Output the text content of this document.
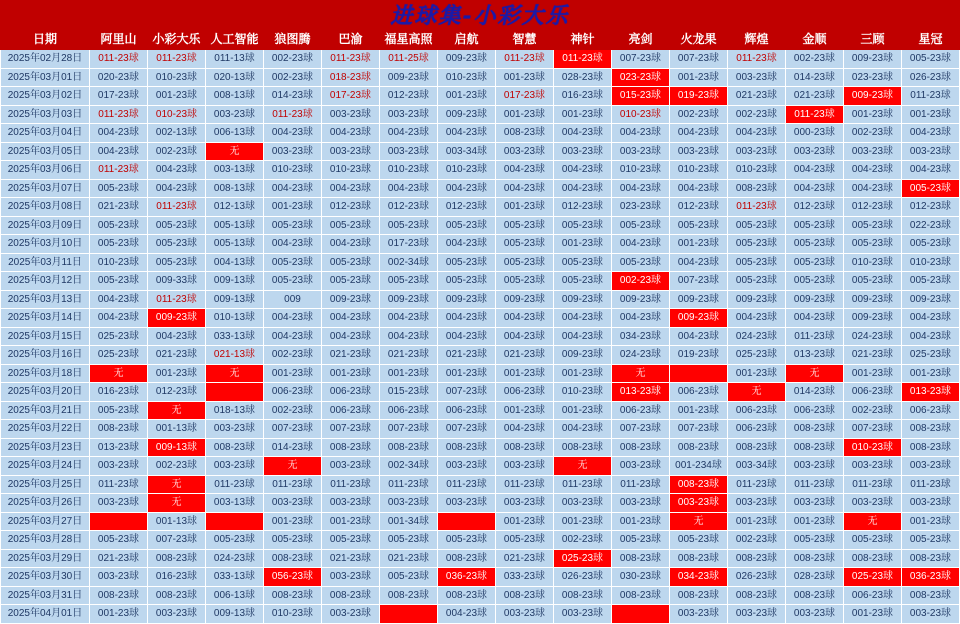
进球集-小彩大乐
日期	阿里山	小彩大乐	人工智能	狼图腾	巴渝	福星高照	启航	智慧	神针	亮剑	火龙果	辉煌	金顺	三顾	星冠
2025年02月28日	011-23球	011-23球	011-13球	002-23球	011-23球	011-25球	009-23球	011-23球	011-23球	007-23球	007-23球	011-23球	002-23球	009-23球	005-23球
2025年03月01日	020-23球	010-23球	020-13球	002-23球	018-23球	009-23球	010-23球	001-23球	028-23球	023-23球	001-23球	003-23球	014-23球	023-23球	026-23球
2025年03月02日	017-23球	001-23球	008-13球	014-23球	017-23球	012-23球	001-23球	017-23球	016-23球	015-23球	019-23球	021-23球	021-23球	009-23球	011-23球
2025年03月03日	011-23球	010-23球	003-23球	011-23球	003-23球	003-23球	009-23球	001-23球	001-23球	010-23球	002-23球	002-23球	011-23球	001-23球	001-23球
2025年03月04日	004-23球	002-13球	006-13球	004-23球	004-23球	004-23球	004-23球	008-23球	004-23球	004-23球	004-23球	004-23球	000-23球	002-23球	004-23球
2025年03月05日	004-23球	002-23球	无	003-23球	003-23球	003-23球	003-34球	003-23球	003-23球	003-23球	003-23球	003-23球	003-23球	003-23球	003-23球
2025年03月06日	011-23球	004-23球	003-13球	010-23球	010-23球	010-23球	010-23球	004-23球	004-23球	010-23球	010-23球	010-23球	004-23球	004-23球	004-23球
2025年03月07日	005-23球	004-23球	008-13球	004-23球	004-23球	004-23球	004-23球	004-23球	004-23球	004-23球	004-23球	008-23球	004-23球	004-23球	005-23球
2025年03月08日	021-23球	011-23球	012-13球	001-23球	012-23球	012-23球	012-23球	001-23球	012-23球	023-23球	012-23球	011-23球	012-23球	012-23球	012-23球
2025年03月09日	005-23球	005-23球	005-13球	005-23球	005-23球	005-23球	005-23球	005-23球	005-23球	005-23球	005-23球	005-23球	005-23球	005-23球	022-23球
2025年03月10日	005-23球	005-23球	005-13球	004-23球	004-23球	017-23球	004-23球	005-23球	001-23球	004-23球	001-23球	005-23球	005-23球	005-23球	005-23球
2025年03月11日	010-23球	005-23球	004-13球	005-23球	005-23球	002-34球	005-23球	005-23球	005-23球	005-23球	004-23球	005-23球	005-23球	010-23球	010-23球
2025年03月12日	005-23球	009-33球	009-13球	005-23球	005-23球	005-23球	005-23球	005-23球	005-23球	002-23球	007-23球	005-23球	005-23球	005-23球	005-23球
2025年03月13日	004-23球	011-23球	009-13球	009	009-23球	009-23球	009-23球	009-23球	009-23球	009-23球	009-23球	009-23球	009-23球	009-23球	009-23球
2025年03月14日	004-23球	009-23球	010-13球	004-23球	004-23球	004-23球	004-23球	004-23球	004-23球	004-23球	009-23球	004-23球	004-23球	009-23球	004-23球
2025年03月15日	025-23球	004-23球	033-13球	004-23球	004-23球	004-23球	004-23球	004-23球	004-23球	034-23球	004-23球	024-23球	011-23球	024-23球	004-23球
2025年03月16日	025-23球	021-23球	021-13球	002-23球	021-23球	021-23球	021-23球	021-23球	009-23球	024-23球	019-23球	025-23球	013-23球	021-23球	025-23球
2025年03月18日	无	001-23球	无	001-23球	001-23球	001-23球	001-23球	001-23球	001-23球	无		001-23球	无	001-23球	001-23球
2025年03月20日	016-23球	012-23球		006-23球	006-23球	015-23球	007-23球	006-23球	010-23球	013-23球	006-23球	无	014-23球	006-23球	013-23球
2025年03月21日	005-23球	无	018-13球	002-23球	006-23球	006-23球	006-23球	001-23球	001-23球	006-23球	001-23球	006-23球	006-23球	002-23球	006-23球
2025年03月22日	008-23球	001-13球	003-23球	007-23球	007-23球	007-23球	007-23球	004-23球	004-23球	007-23球	007-23球	006-23球	008-23球	007-23球	008-23球
2025年03月23日	013-23球	009-13球	008-23球	014-23球	008-23球	008-23球	008-23球	008-23球	008-23球	008-23球	008-23球	008-23球	008-23球	010-23球	008-23球
2025年03月24日	003-23球	002-23球	003-23球	无	003-23球	002-34球	003-23球	003-23球	无	003-23球	001-234球	003-34球	003-23球	003-23球	003-23球
2025年03月25日	011-23球	无	011-23球	011-23球	011-23球	011-23球	011-23球	011-23球	011-23球	011-23球	008-23球	011-23球	011-23球	011-23球	011-23球
2025年03月26日	003-23球	无	003-13球	003-23球	003-23球	003-23球	003-23球	003-23球	003-23球	003-23球	003-23球	003-23球	003-23球	003-23球	003-23球
2025年03月27日		001-13球		001-23球	001-23球	001-34球		001-23球	001-23球	001-23球	无	001-23球	001-23球	无	001-23球
2025年03月28日	005-23球	007-23球	005-23球	005-23球	005-23球	005-23球	005-23球	005-23球	002-23球	005-23球	005-23球	002-23球	005-23球	005-23球	005-23球
2025年03月29日	021-23球	008-23球	024-23球	008-23球	021-23球	021-23球	008-23球	021-23球	025-23球	008-23球	008-23球	008-23球	008-23球	008-23球	008-23球
2025年03月30日	003-23球	016-23球	033-13球	056-23球	003-23球	005-23球	036-23球	033-23球	026-23球	030-23球	034-23球	026-23球	028-23球	025-23球	036-23球
2025年03月31日	008-23球	008-23球	006-13球	008-23球	008-23球	008-23球	008-23球	008-23球	008-23球	008-23球	008-23球	008-23球	008-23球	006-23球	008-23球
2025年04月01日	001-23球	003-23球	009-13球	010-23球	003-23球		004-23球	003-23球	003-23球		003-23球	003-23球	003-23球	001-23球	003-23球
